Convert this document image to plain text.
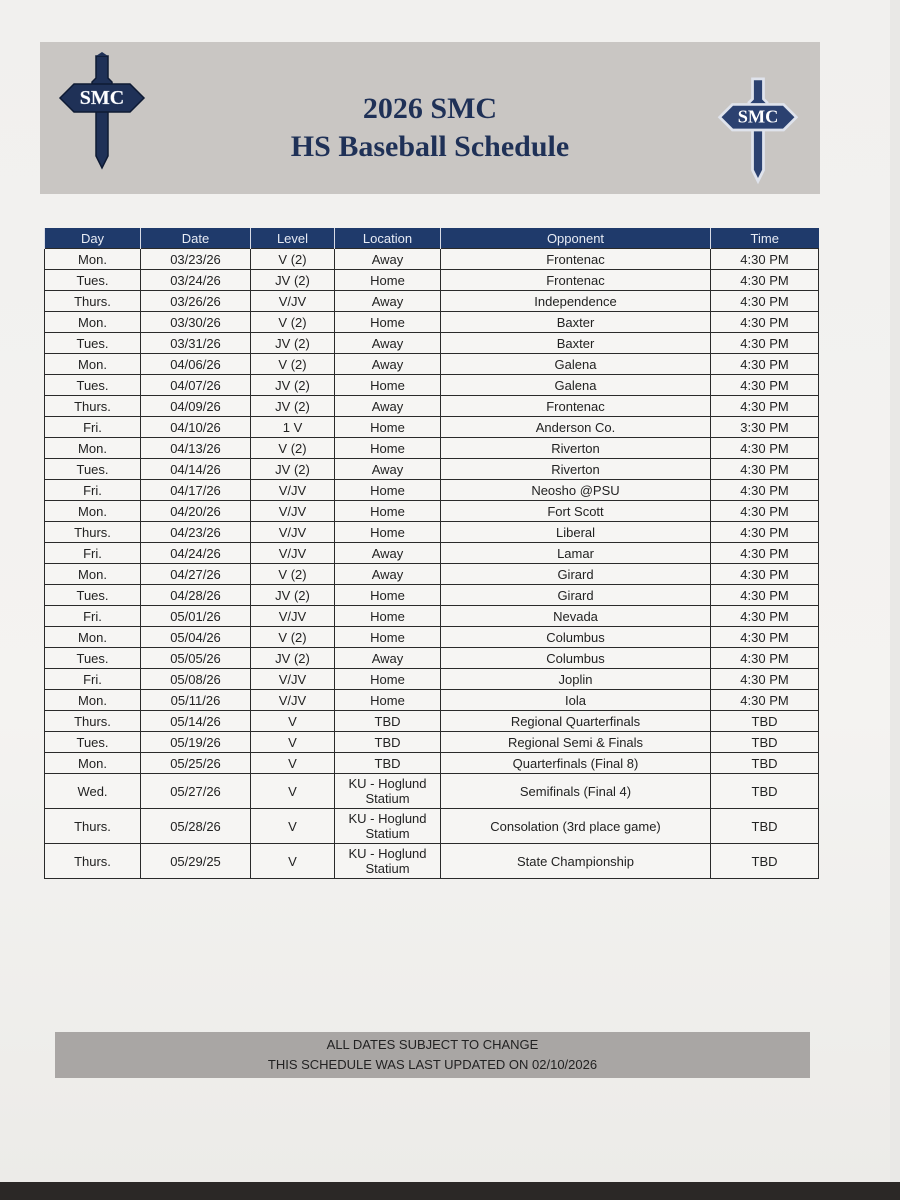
SMC	2026 SMC
HS Baseball Schedule
SMC
Day	Date	Level	Location	Opponent	Time
Mon.	03/23/26	V (2)	Away	Frontenac	4:30 PM
Tues.	03/24/26	JV (2)	Home	Frontenac	4:30 PM
Thurs.	03/26/26	V/JV	Away	Independence	4:30 PM
Mon.	03/30/26	V (2)	Home	Baxter	4:30 PM
Tues.	03/31/26	JV (2)	Away	Baxter	4:30 PM
Mon.	04/06/26	V (2)	Away	Galena	4:30 PM
Tues.	04/07/26	JV (2)	Home	Galena	4:30 PM
Thurs.	04/09/26	JV (2)	Away	Frontenac	4:30 PM
Fri.	04/10/26	1 V	Home	Anderson Co.	3:30 PM
Mon.	04/13/26	V (2)	Home	Riverton	4:30 PM
Tues.	04/14/26	JV (2)	Away	Riverton	4:30 PM
Fri.	04/17/26	V/JV	Home	Neosho @PSU	4:30 PM
Mon.	04/20/26	V/JV	Home	Fort Scott	4:30 PM
Thurs.	04/23/26	V/JV	Home	Liberal	4:30 PM
Fri.	04/24/26	V/JV	Away	Lamar	4:30 PM
Mon.	04/27/26	V (2)	Away	Girard	4:30 PM
Tues.	04/28/26	JV (2)	Home	Girard	4:30 PM
Fri.	05/01/26	V/JV	Home	Nevada	4:30 PM
Mon.	05/04/26	V (2)	Home	Columbus	4:30 PM
Tues.	05/05/26	JV (2)	Away	Columbus	4:30 PM
Fri.	05/08/26	V/JV	Home	Joplin	4:30 PM
Mon.	05/11/26	V/JV	Home	Iola	4:30 PM
Thurs.	05/14/26	V	TBD	Regional Quarterfinals	TBD
Tues.	05/19/26	V	TBD	Regional Semi & Finals	TBD
Mon.	05/25/26	V	TBD	Quarterfinals (Final 8)	TBD
Wed.	05/27/26	V	KU - Hoglund Statium	Semifinals (Final 4)	TBD
Thurs.	05/28/26	V	KU - Hoglund Statium	Consolation (3rd place game)	TBD
Thurs.	05/29/25	V	KU - Hoglund Statium	State Championship	TBD
ALL DATES SUBJECT TO CHANGE
THIS SCHEDULE WAS LAST UPDATED ON 02/10/2026
